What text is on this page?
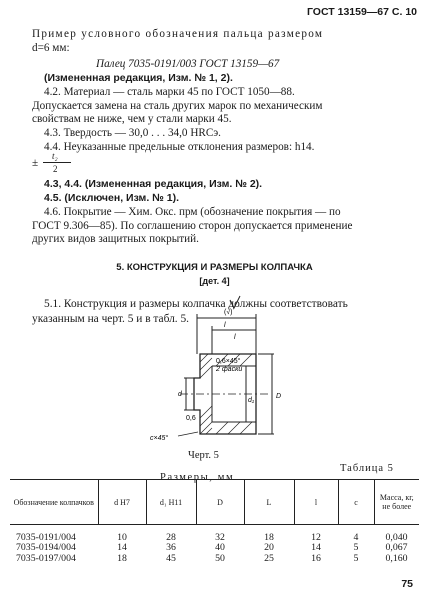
ГОСТ 13159—67 С. 10
Пример условного обозначения пальца размером
d=6 мм:
Палец 7035-0191/003 ГОСТ 13159—67
(Измененная редакция, Изм. № 1, 2).
4.2. Материал — сталь марки 45 по ГОСТ 1050—88.
Допускается замена на сталь других марок по механическим
свойствам не ниже, чем у стали марки 45.
4.3. Твердость — 30,0 . . . 34,0 HRCэ.
4.4. Неуказанные предельные отклонения размеров: h14.
±
t₂
2
4.3, 4.4. (Измененная редакция, Изм. № 2).
4.5. (Исключен, Изм. № 1).
4.6. Покрытие — Хим. Окс. прм (обозначение покрытия — по
ГОСТ 9.306—85). По соглашению сторон допускается применение
других видов защитных покрытий.
5. КОНСТРУКЦИЯ И РАЗМЕРЫ КОЛПАЧКА
[дет. 4]
5.1. Конструкция и размеры колпачка должны соответствовать
указанным на черт. 5 и в табл. 5.
(√)
l
l
0,6×45°
2 фаски
D
d₁
d
0,6
c×45°
Черт. 5
Таблица 5
Размеры, мм
Обозначение колпачков	d H7	d₁ H11	D	L	l	c	Масса, кг, не более

7035-0191/004	10	28	32	18	12	4	0,040
7035-0194/004	14	36	40	20	14	5	0,067
7035-0197/004	18	45	50	25	16	5	0,160
75
